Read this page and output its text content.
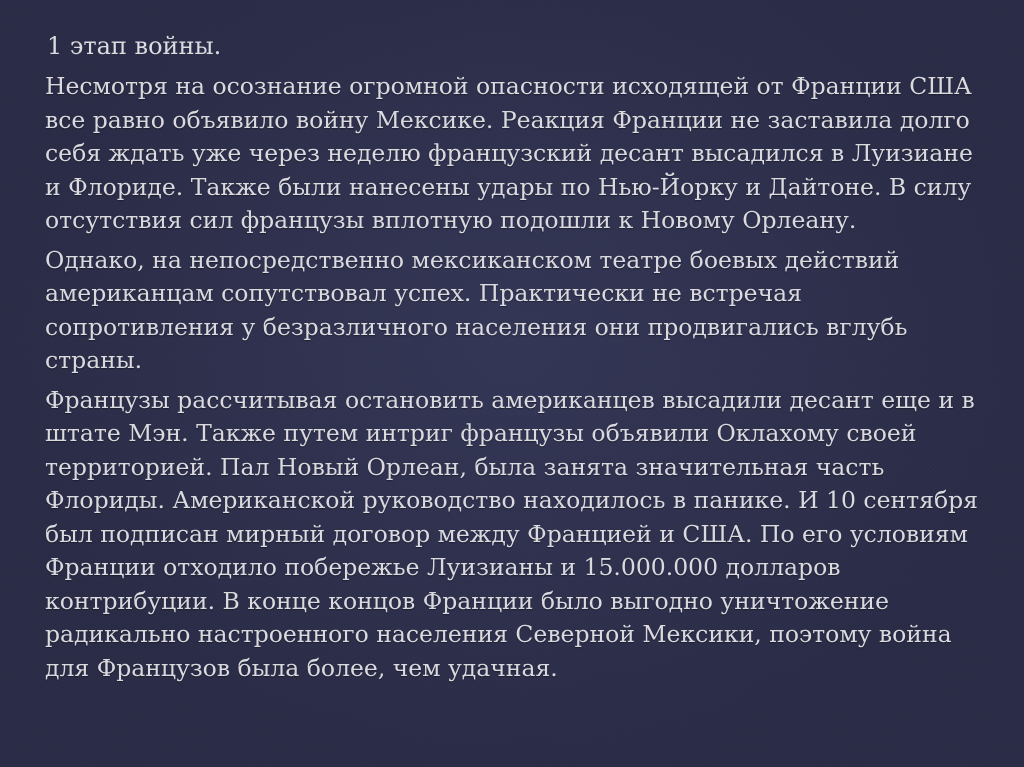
1 этап войны.

Несмотря на осознание огромной опасности исходящей от Франции США все равно объявило войну Мексике. Реакция Франции не заставила долго себя ждать уже через неделю французский десант высадился в Луизиане и Флориде. Также были нанесены удары по Нью-Йорку и Дайтоне. В силу отсутствия сил французы вплотную подошли к Новому Орлеану.

Однако, на непосредственно мексиканском театре боевых действий американцам сопутствовал успех. Практически не встречая сопротивления у безразличного населения они продвигались вглубь страны.

Французы рассчитывая остановить американцев высадили десант еще и в штате Мэн. Также путем интриг французы объявили Оклахому своей территорией. Пал Новый Орлеан, была занята значительная часть Флориды. Американской руководство находилось в панике. И 10 сентября был подписан мирный договор между Францией и США. По его условиям Франции отходило побережье Луизианы и 15.000.000 долларов контрибуции. В конце концов Франции было выгодно уничтожение радикально настроенного населения Северной Мексики, поэтому война для Французов была более, чем удачная.
